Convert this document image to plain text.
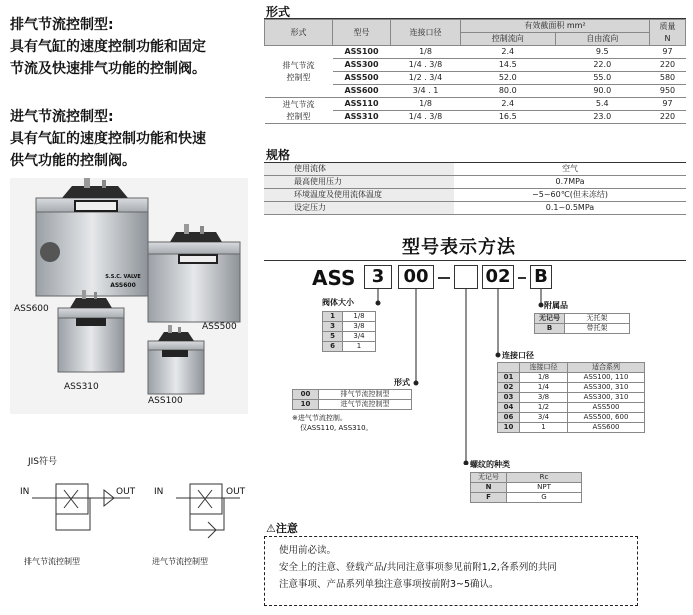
排气节流控制型:
具有气缸的速度控制功能和固定
节流及快速排气功能的控制阀。
进气节流控制型:
具有气缸的速度控制功能和快速
供气功能的控制阀。
S.S.C. VALVE
ASS600
ASS600
ASS500
ASS310
ASS100
JIS符号
IN	OUT IN	OUT
排气节流控制型	进气节流控制型
形式
形式	型号	连接口径	有效截面积 mm²		质量
N
			控制流向	自由流向	
排气节流
控制型	ASS100	1/8	2.4	9.5	97
	ASS300	1/4 . 3/8	14.5	22.0	220
	ASS500	1/2 . 3/4	52.0	55.0	580
	ASS600	3/4 . 1	80.0	90.0	950
进气节流
控制型	ASS110	1/8	2.4	5.4	97
	ASS310	1/4 . 3/8	16.5	23.0	220
规格
使用流体	空气
最高使用压力	0.7MPa
环境温度及使用流体温度	−5~60℃(但未冻结)
设定压力	0.1~0.5MPa
型号表示方法
ASS 3	00	02 B
阀体大小
1	1/8
3	3/8
5	3/4
6	1
形式
00	排气节流控制型
10	进气节流控制型
※进气节流控制。
仅ASS110, ASS310。
附属品
无记号	无托架
B	带托架
连接口径
	连接口径	适合系列
01	1/8	ASS100, 110
02	1/4	ASS300, 310
03	3/8	ASS300, 310
04	1/2	ASS500
06	3/4	ASS500, 600
10	1	ASS600
螺纹的种类
无记号	Rc
N	NPT
F	G
⚠注意
使用前必读。
安全上的注意、登载产品/共同注意事项参见前附1,2,各系列的共同
注意事项、产品系列单独注意事项按前附3~5确认。
